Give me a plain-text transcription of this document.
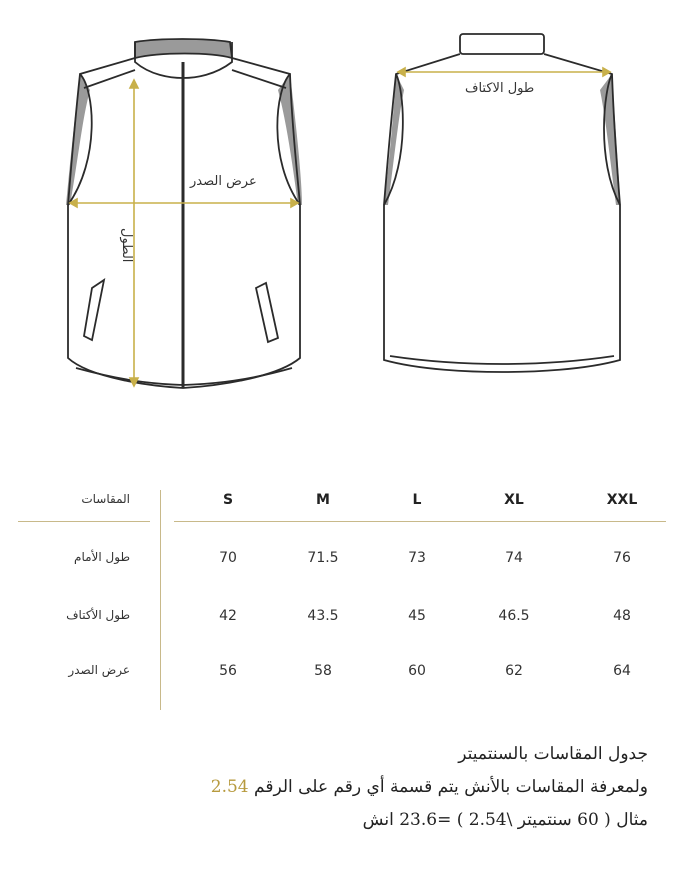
عرض الصدر
الطول
طول الاكتاف
المقاسات	S	M	L	XL	XXL
طول الأمام	70	71.5	73	74	76
طول الأكتاف	42	43.5	45	46.5	48
عرض الصدر	56	58	60	62	64
جدول المقاسات بالسنتميتر
ولمعرفة المقاسات بالأنش يتم قسمة أي رقم على الرقم 2.54
مثال ( 60 سنتميتر \2.54 ) =23.6 انش
